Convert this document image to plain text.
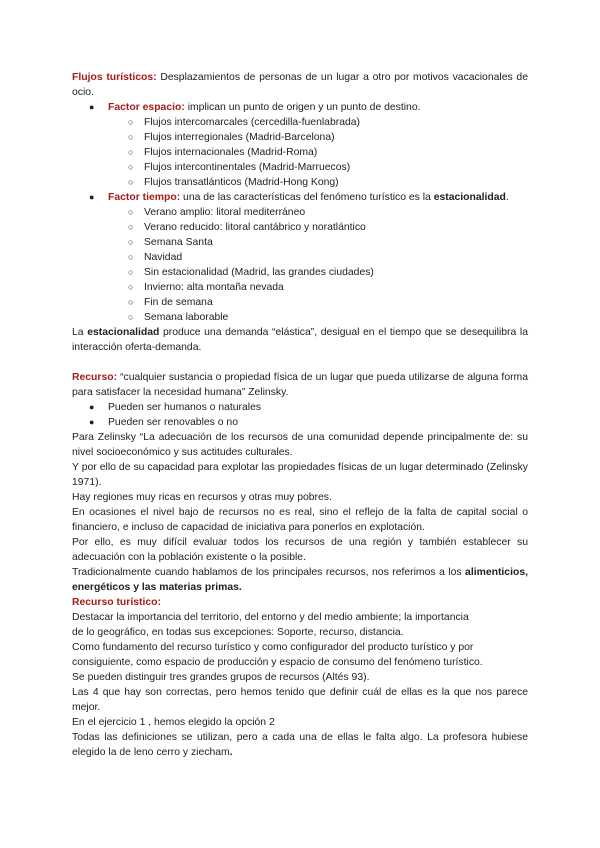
Flujos turísticos: Desplazamientos de personas de un lugar a otro por motivos vacacionales de ocio.

● Factor espacio: implican un punto de origen y un punto de destino.
○ Flujos intercomarcales (cercedilla-fuenlabrada)
○ Flujos interregionales (Madrid-Barcelona)
○ Flujos internacionales (Madrid-Roma)
○ Flujos intercontinentales (Madrid-Marruecos)
○ Flujos transatlánticos (Madrid-Hong Kong)
● Factor tiempo: una de las características del fenómeno turístico es la estacionalidad.
○ Verano amplio: litoral mediterráneo
○ Verano reducido: litoral cantábrico y noratlántico
○ Semana Santa
○ Navidad
○ Sin estacionalidad (Madrid, las grandes ciudades)
○ Invierno: alta montaña nevada
○ Fin de semana
○ Semana laborable

La estacionalidad produce una demanda “elástica”, desigual en el tiempo que se desequilibra la interacción oferta-demanda.

Recurso: “cualquier sustancia o propiedad física de un lugar que pueda utilizarse de alguna forma para satisfacer la necesidad humana” Zelinsky.

● Pueden ser humanos o naturales
● Pueden ser renovables o no

Para Zelinsky “La adecuación de los recursos de una comunidad depende principalmente de: su nivel socioeconómico y sus actitudes culturales.

Y por ello de su capacidad para explotar las propiedades físicas de un lugar determinado (Zelinsky 1971).

Hay regiones muy ricas en recursos y otras muy pobres.

En ocasiones el nivel bajo de recursos no es real, sino el reflejo de la falta de capital social o financiero, e incluso de capacidad de iniciativa para ponerlos en explotación.

Por ello, es muy difícil evaluar todos los recursos de una región y también establecer su adecuación con la población existente o la posible.

Tradicionalmente cuando hablamos de los principales recursos, nos referimos a los alimenticios, energéticos y las materias primas.

Recurso turístico:

Destacar la importancia del territorio, del entorno y del medio ambiente; la importancia

de lo geográfico, en todas sus excepciones: Soporte, recurso, distancia.

Como fundamento del recurso turístico y como configurador del producto turístico y por

consiguiente, como espacio de producción y espacio de consumo del fenómeno turístico.

Se pueden distinguir tres grandes grupos de recursos (Altés 93).

Las 4 que hay son correctas, pero hemos tenido que definir cuál de ellas es la que nos parece mejor.

En el ejercicio 1 , hemos elegido la opción 2

Todas las definiciones se utilizan, pero a cada una de ellas le falta algo. La profesora hubiese elegido la de leno cerro y ziecham.
